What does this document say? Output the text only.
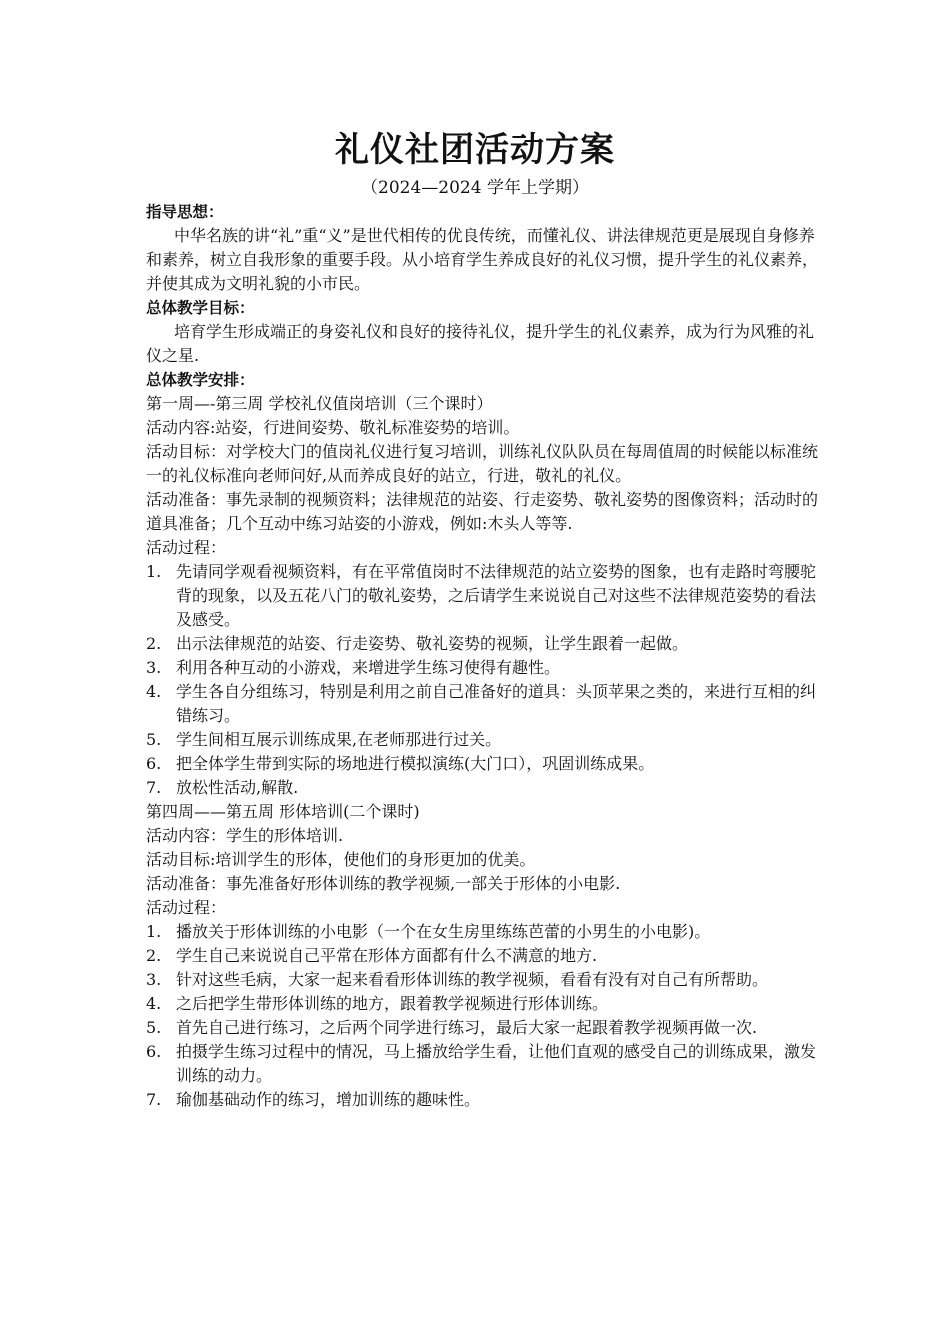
礼仪社团活动方案
（2024—2024 学年上学期）

指导思想：

中华名族的讲“礼”重“义”是世代相传的优良传统，而懂礼仪、讲法律规范更是展现自身修养和素养，树立自我形象的重要手段。从小培育学生养成良好的礼仪习惯，提升学生的礼仪素养，并使其成为文明礼貌的小市民。

总体教学目标：

培育学生形成端正的身姿礼仪和良好的接待礼仪，提升学生的礼仪素养，成为行为风雅的礼仪之星.

总体教学安排：

第一周—-第三周 学校礼仪值岗培训（三个课时）

活动内容:站姿，行进间姿势、敬礼标准姿势的培训。

活动目标：对学校大门的值岗礼仪进行复习培训，训练礼仪队队员在每周值周的时候能以标准统一的礼仪标准向老师问好,从而养成良好的站立，行进，敬礼的礼仪。

活动准备：事先录制的视频资料；法律规范的站姿、行走姿势、敬礼姿势的图像资料；活动时的道具准备；几个互动中练习站姿的小游戏，例如:木头人等等.

活动过程：

1. 先请同学观看视频资料，有在平常值岗时不法律规范的站立姿势的图象，也有走路时弯腰驼背的现象，以及五花八门的敬礼姿势，之后请学生来说说自己对这些不法律规范姿势的看法及感受。
2. 出示法律规范的站姿、行走姿势、敬礼姿势的视频，让学生跟着一起做。
3. 利用各种互动的小游戏，来增进学生练习使得有趣性。
4. 学生各自分组练习，特别是利用之前自己准备好的道具：头顶苹果之类的，来进行互相的纠错练习。
5. 学生间相互展示训练成果,在老师那进行过关。
6. 把全体学生带到实际的场地进行模拟演练(大门口），巩固训练成果。
7. 放松性活动,解散.

第四周——第五周 形体培训(二个课时)

活动内容：学生的形体培训.

活动目标:培训学生的形体，使他们的身形更加的优美。

活动准备：事先准备好形体训练的教学视频,一部关于形体的小电影.

活动过程：

1. 播放关于形体训练的小电影（一个在女生房里练练芭蕾的小男生的小电影)。
2. 学生自己来说说自己平常在形体方面都有什么不满意的地方.
3. 针对这些毛病，大家一起来看看形体训练的教学视频，看看有没有对自己有所帮助。
4. 之后把学生带形体训练的地方，跟着教学视频进行形体训练。
5. 首先自己进行练习，之后两个同学进行练习，最后大家一起跟着教学视频再做一次.
6. 拍摄学生练习过程中的情况，马上播放给学生看，让他们直观的感受自己的训练成果，激发训练的动力。
7. 瑜伽基础动作的练习，增加训练的趣味性。
